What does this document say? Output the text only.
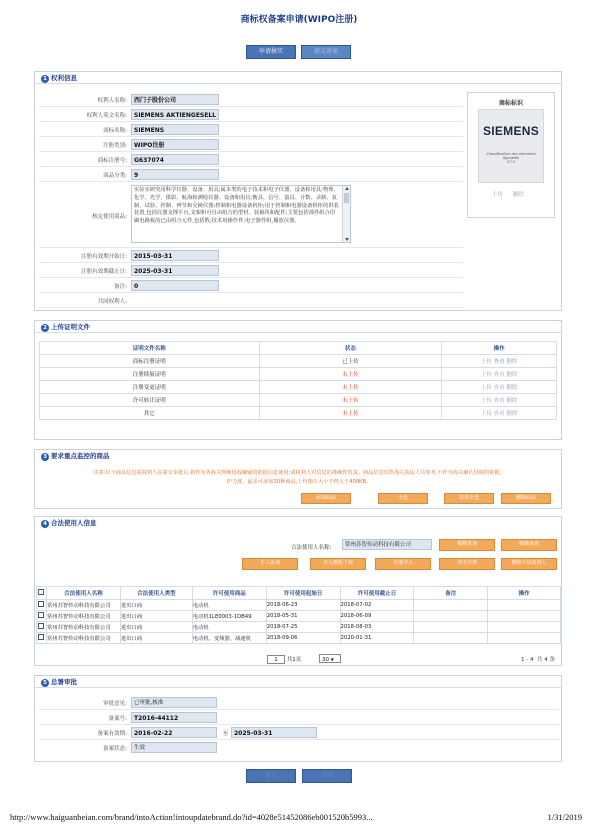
商标权备案申请(WIPO注册)
申请核实	提交备案
1 权利信息
权利人名称:	西门子股份公司
权利人英文名称:	SIEMENS AKTIENGESELL
商标名称:	SIEMENS
注册类别:	WIPO注册
商标注册号:	G637074
商品分类:	9
核定使用商品:
实验室研究用科学仪器、设备、用具;属本类的电子技术和电子仪器、设备和用具;物理、化学、光学、摄影、航海和测绘仪器、设备和用具;衡具、信号、量具、计数、录制、复制、试验、控制、辨节和交换仪器;控制和电器设备机柜;用于控制和电器设备机柜的供装装置,包括仪器支撑平台,支架和可自由组合的型材、装载块和配件;主要包括部件组合印刷电路板的已由组合元件,包括数;技术用操作件,电子器件组,播放仪器,
注册有效期开始日:	2015-03-31
注册有效期截止日:	2025-03-31
备注:	0
共同权利人:
商标标识
SIEMENS
Classification des elements figuratifs
27.5
上传 删除
2 上传证明文件
证明文件名称	状态	操作
商标注册证明	已上传	上传 查看 删除
注册续展证明	未上传	上传 查看 删除
注册变更证明	未上传	上传 查看 删除
许可转让证明	未上传	上传 查看 删除
其它	未上传	上传 查看 删除
3 要求重点监控的商品
注意:以下商品信息需权利人在提交审批后,将作为各海关判断侵权嫌疑的依据信息使用;请权利人对信息的准确性负责。商品信息仅供海关执法人员参考,不作为海关确认侵权的依据。
护力度。最多可添加30种商品,上传图片大小不得大于400KB。
添加商品	全选	取消全选	删除商品
4 合法使用人信息
合法使用人名称:	常州苏智传动科技有限公司	模糊查询	精确查询
手工添加	导入模板下载	本地导入	导出全部	删除合法使用人
	合法使用人名称	合法使用人类型	许可使用商品	许可使用起始日	许可使用截止日	备注	操作
	常州苏智传动科技有限公司	进出口商	电动机	2018-06-23	2018-07-02		
	常州苏智传动科技有限公司	进出口商	电动机1LE0003-1DB49	2018-05-31	2018-06-09		
	常州苏智传动科技有限公司	进出口商	电动机	2018-07-25	2018-08-03		
	常州苏智传动科技有限公司	进出口商	电动机、变频器、减速机	2018-09-06	2020-01-31		
1 共1页	30 ▼	1 - 4 共 4 条
5 总署审批
审批意见:	已审批,核准
备案号:	T2016-44112
备案有效期:	2016-02-22	至 2025-03-31
备案状态:	生效
提交	关闭
http://www.haiguanbeian.com/brand/intoAction!intoupdatebrand.do?id=4028e51452086eb001520b5993...	1/31/2019
